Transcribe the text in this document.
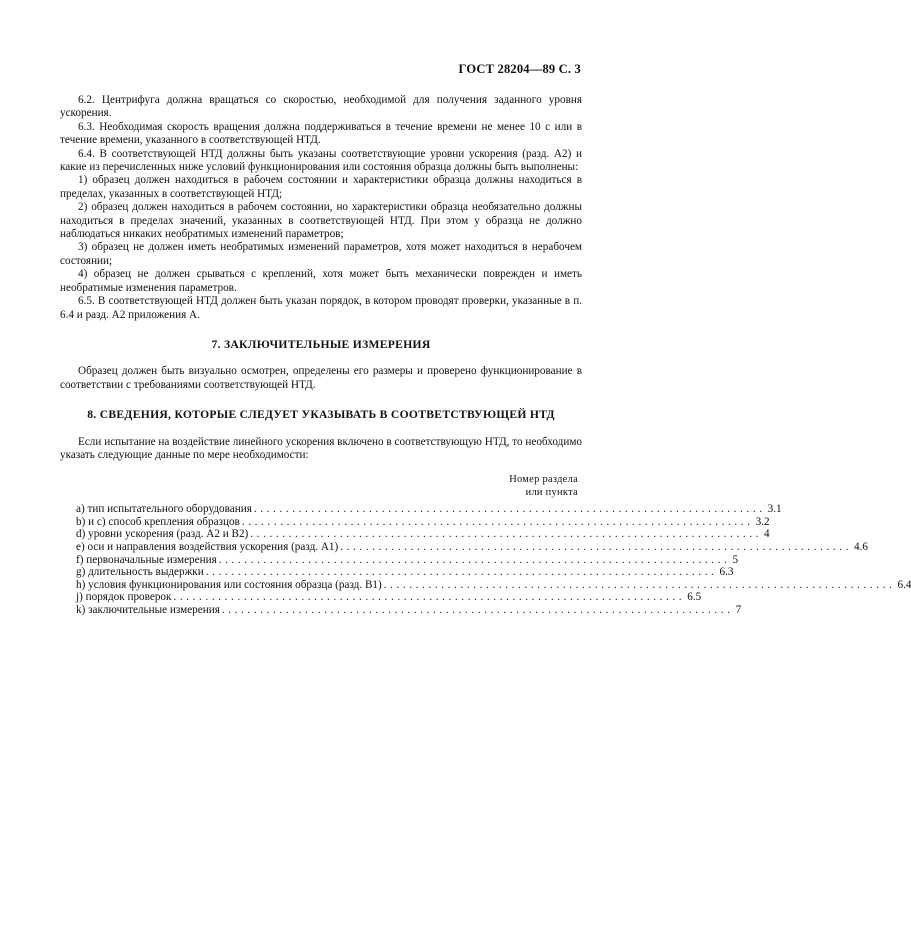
ГОСТ 28204—89 С. 3

6.2. Центрифуга должна вращаться со скоростью, необходимой для получения заданного уровня ускорения.

6.3. Необходимая скорость вращения должна поддерживаться в течение времени не менее 10 с или в течение времени, указанного в соответствующей НТД.

6.4. В соответствующей НТД должны быть указаны соответствующие уровни ускорения (разд. А2) и какие из перечисленных ниже условий функционирования или состояния образца должны быть выполнены:

1) образец должен находиться в рабочем состоянии и характеристики образца должны находиться в пределах, указанных в соответствующей НТД;

2) образец должен находиться в рабочем состоянии, но характеристики образца необязательно должны находиться в пределах значений, указанных в соответствующей НТД. При этом у образца не должно наблюдаться никаких необратимых изменений параметров;

3) образец не должен иметь необратимых изменений параметров, хотя может находиться в нерабочем состоянии;

4) образец не должен срываться с креплений, хотя может быть механически поврежден и иметь необратимые изменения параметров.

6.5. В соответствующей НТД должен быть указан порядок, в котором проводят проверки, указанные в п. 6.4 и разд. А2 приложения А.

7. ЗАКЛЮЧИТЕЛЬНЫЕ ИЗМЕРЕНИЯ

Образец должен быть визуально осмотрен, определены его размеры и проверено функционирование в соответствии с требованиями соответствующей НТД.

8. СВЕДЕНИЯ, КОТОРЫЕ СЛЕДУЕТ УКАЗЫВАТЬ В СООТВЕТСТВУЮЩЕЙ НТД

Если испытание на воздействие линейного ускорения включено в соответствующую НТД, то необходимо указать следующие данные по мере необходимости:

Номер раздела
или пункта
a) тип испытательного оборудования ................................................................................ 3.1
b) и с) способ крепления образцов ................................................................................ 3.2
d) уровни ускорения (разд. А2 и В2) ................................................................................ 4
e) оси и направления воздействия ускорения (разд. А1) ................................................................................ 4.6
f) первоначальные измерения ................................................................................ 5
g) длительность выдержки ................................................................................ 6.3
h) условия функционирования или состояния образца (разд. В1) ................................................................................ 6.4
j) порядок проверок ................................................................................ 6.5
k) заключительные измерения ................................................................................ 7
